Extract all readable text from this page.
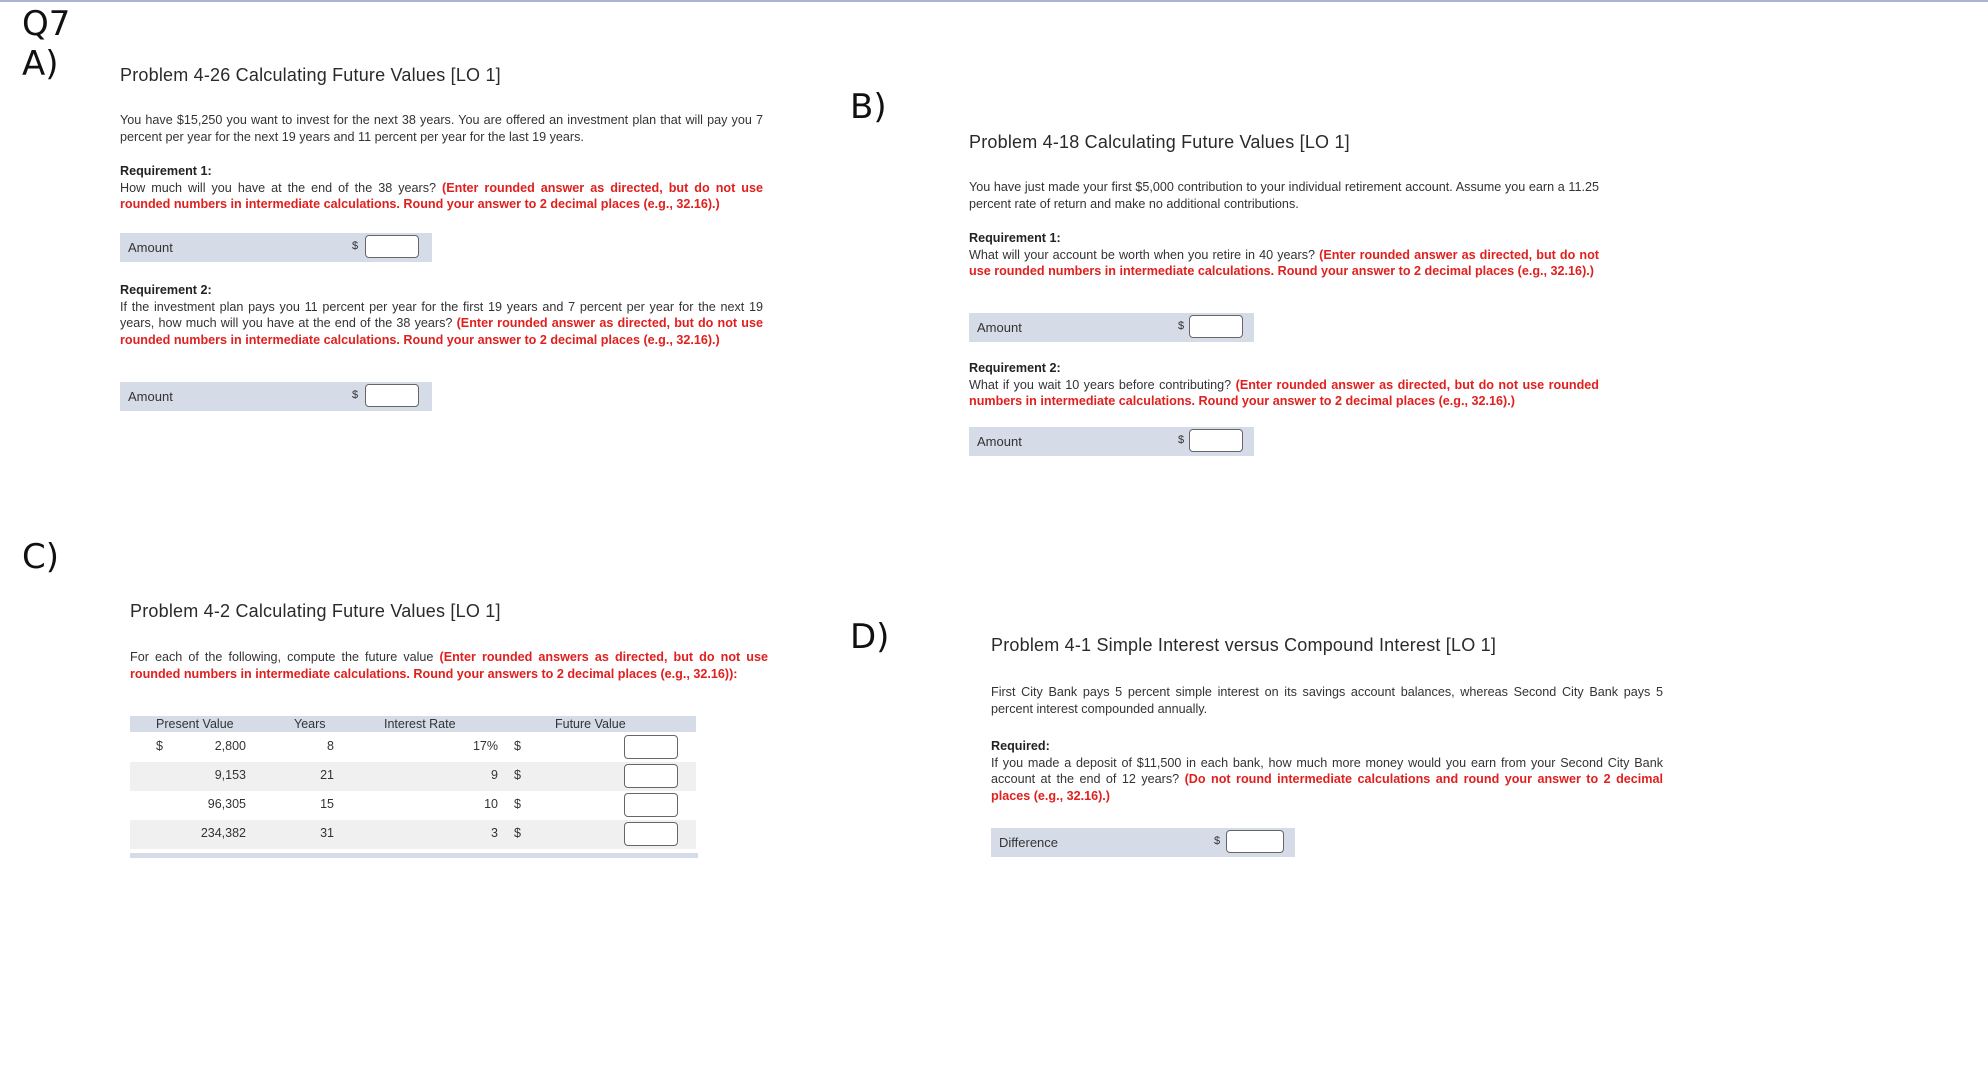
Q7
A)	Problem 4-26 Calculating Future Values [LO 1]
You have $15,250 you want to invest for the next 38 years. You are offered an investment plan that will pay you 7 percent per year for the next 19 years and 11 percent per year for the last 19 years.
Requirement 1:
How much will you have at the end of the 38 years? (Enter rounded answer as directed, but do not use rounded numbers in intermediate calculations. Round your answer to 2 decimal places (e.g., 32.16).)
Amount	$
Requirement 2:
If the investment plan pays you 11 percent per year for the first 19 years and 7 percent per year for the next 19 years, how much will you have at the end of the 38 years? (Enter rounded answer as directed, but do not use rounded numbers in intermediate calculations. Round your answer to 2 decimal places (e.g., 32.16).)
Amount	$
B)
Problem 4-18 Calculating Future Values [LO 1]
You have just made your first $5,000 contribution to your individual retirement account. Assume you earn a 11.25 percent rate of return and make no additional contributions.
Requirement 1:
What will your account be worth when you retire in 40 years? (Enter rounded answer as directed, but do not use rounded numbers in intermediate calculations. Round your answer to 2 decimal places (e.g., 32.16).)
Amount	$
Requirement 2:
What if you wait 10 years before contributing? (Enter rounded answer as directed, but do not use rounded numbers in intermediate calculations. Round your answer to 2 decimal places (e.g., 32.16).)
Amount	$
C)
Problem 4-2 Calculating Future Values [LO 1]
For each of the following, compute the future value (Enter rounded answers as directed, but do not use rounded numbers in intermediate calculations. Round your answers to 2 decimal places (e.g., 32.16)):
Present Value	Years	Interest Rate	Future Value
$	2,800	8	17% $
9,153	21	9 $
96,305	15	10 $
234,382	31	3 $
D)	Problem 4-1 Simple Interest versus Compound Interest [LO 1]
First City Bank pays 5 percent simple interest on its savings account balances, whereas Second City Bank pays 5 percent interest compounded annually.
Required:
If you made a deposit of $11,500 in each bank, how much more money would you earn from your Second City Bank account at the end of 12 years? (Do not round intermediate calculations and round your answer to 2 decimal places (e.g., 32.16).)
Difference	$
